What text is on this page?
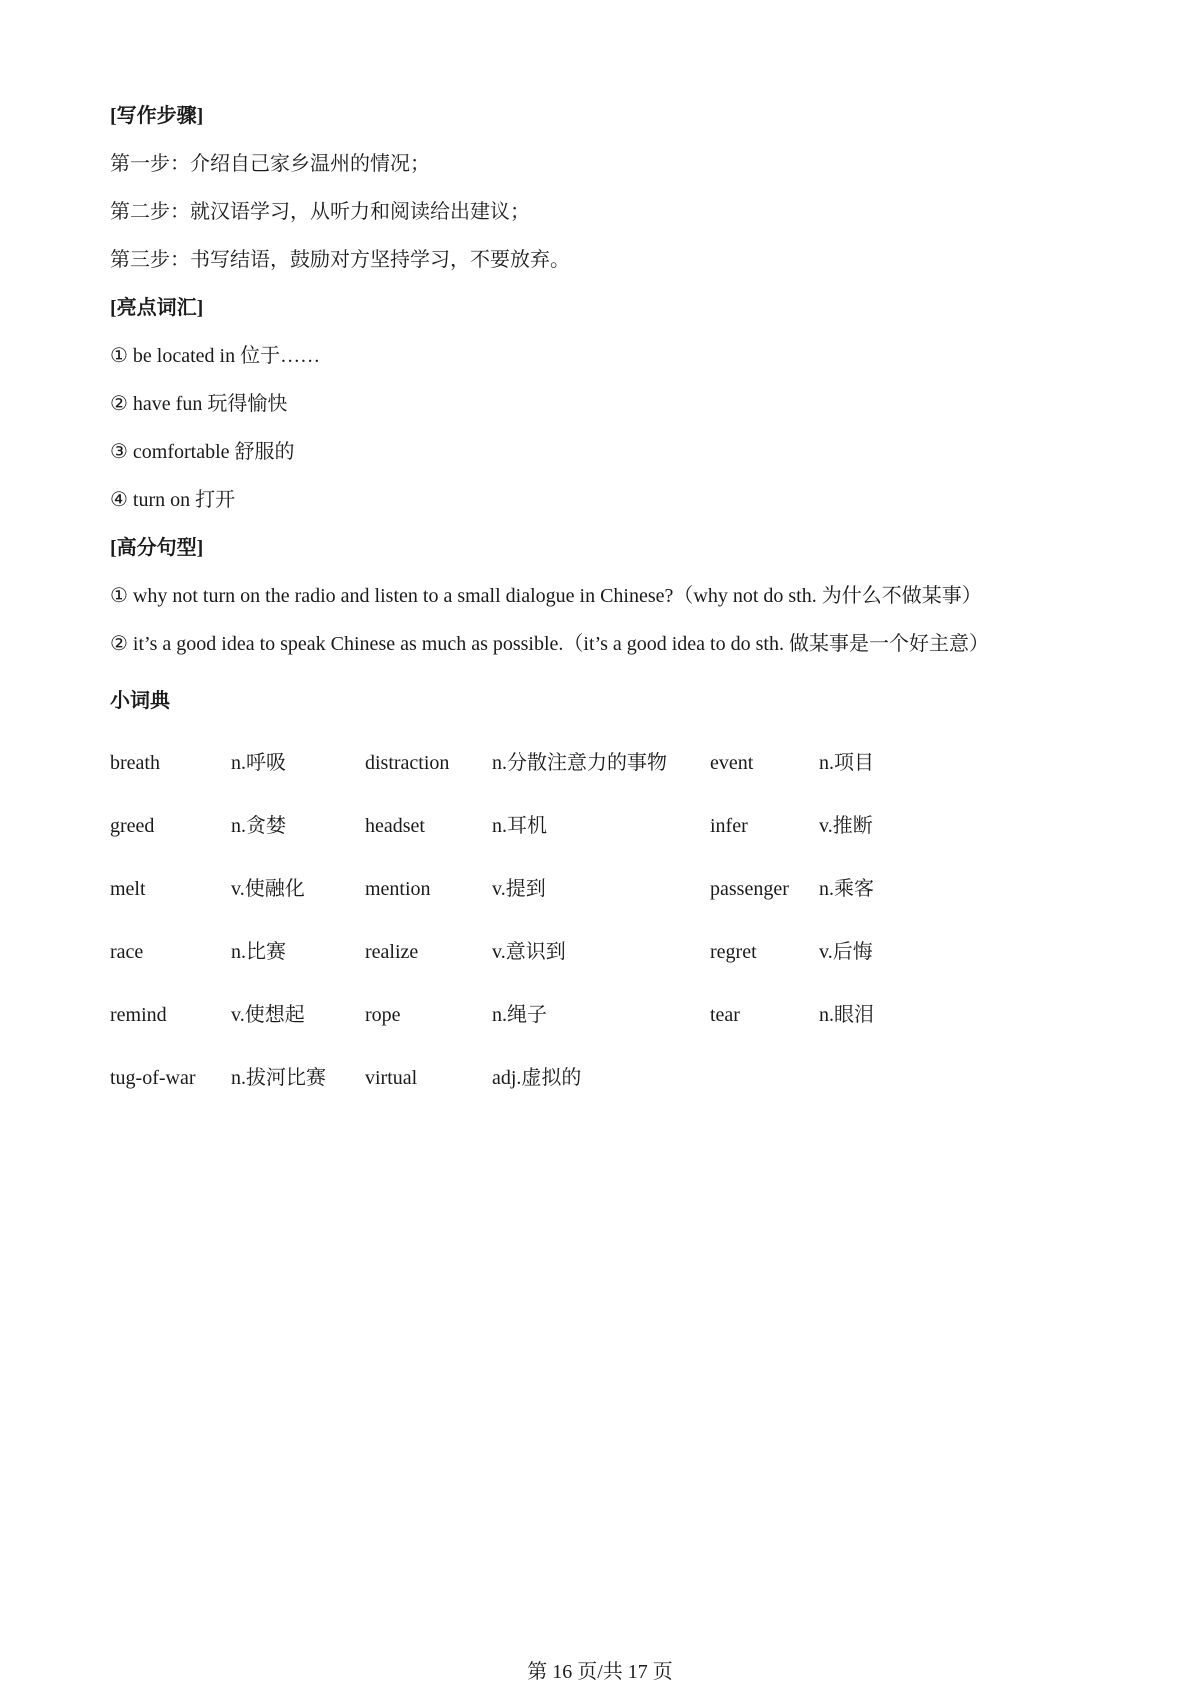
[写作步骤]
第一步：介绍自己家乡温州的情况；
第二步：就汉语学习，从听力和阅读给出建议；
第三步：书写结语，鼓励对方坚持学习，不要放弃。
[亮点词汇]
① be located in 位于……
② have fun 玩得愉快
③ comfortable 舒服的
④ turn on 打开
[高分句型]
① why not turn on the radio and listen to a small dialogue in Chinese?（why not do sth. 为什么不做某事）
② it’s a good idea to speak Chinese as much as possible.（it’s a good idea to do sth. 做某事是一个好主意）
小词典
breath	n.呼吸	distraction n.分散注意力的事物 event	n.项目
greed	n.贪婪	headset	n.耳机	infer	v.推断
melt	v.使融化	mention	v.提到	passenger n.乘客
race	n.比赛	realize	v.意识到	regret	v.后悔
remind	v.使想起	rope	n.绳子	tear	n.眼泪
tug-of-war n.拔河比赛 virtual	adj.虚拟的
第 16 页/共 17 页
